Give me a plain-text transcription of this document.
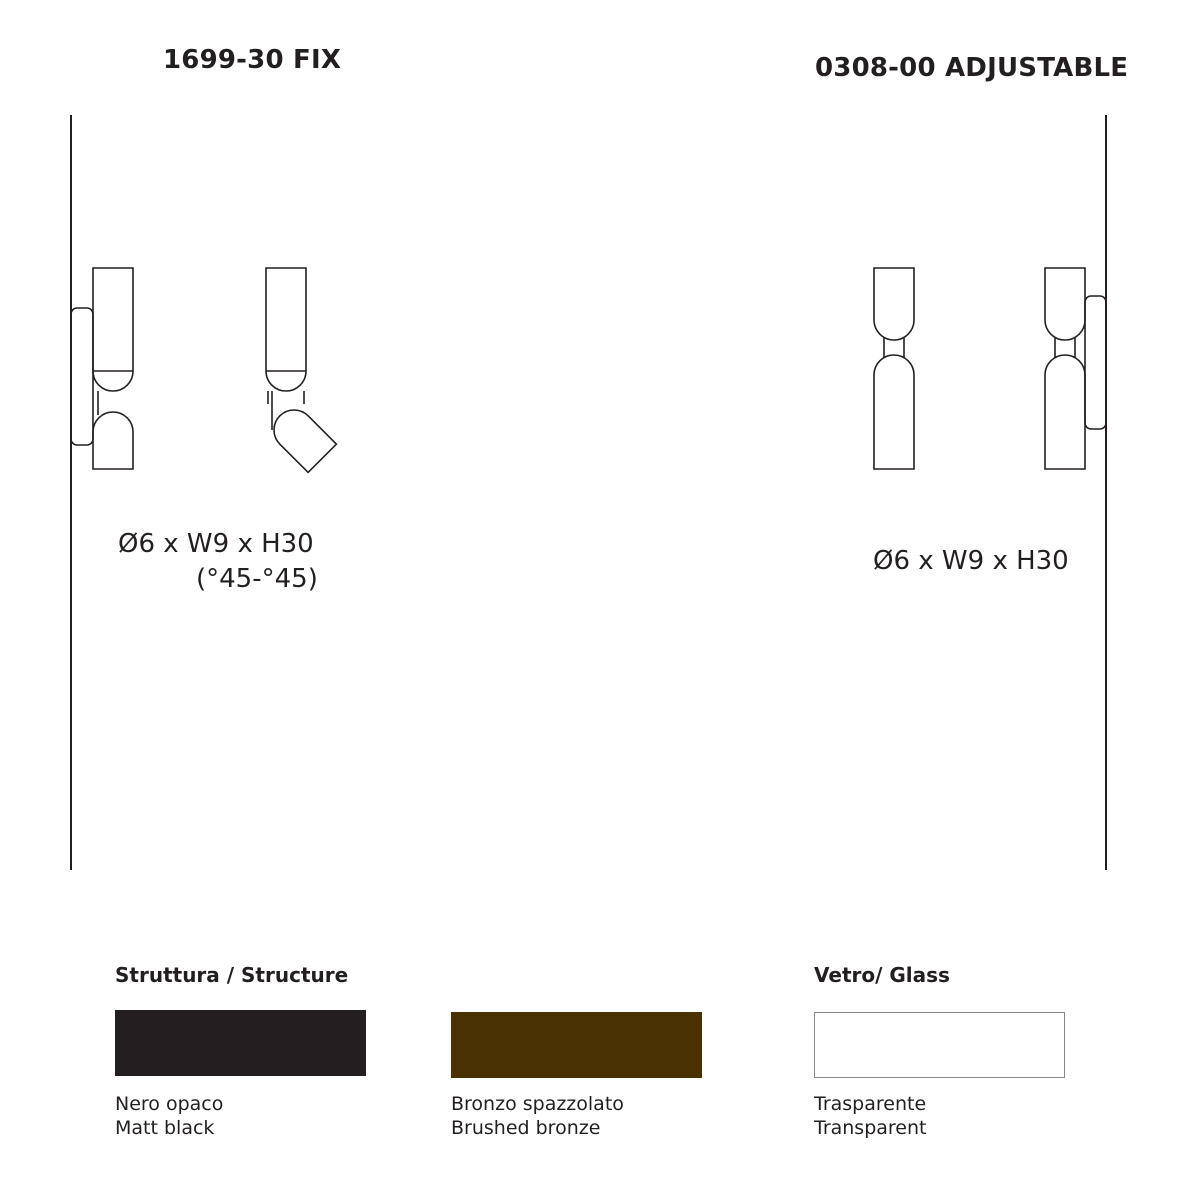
1699-30 FIX	0308-00 ADJUSTABLE
Ø6 x W9 x H30
(°45-°45)
Ø6 x W9 x H30
Struttura / Structure	Vetro/ Glass
Nero opaco
Matt black
Bronzo spazzolato
Brushed bronze
Trasparente
Transparent
